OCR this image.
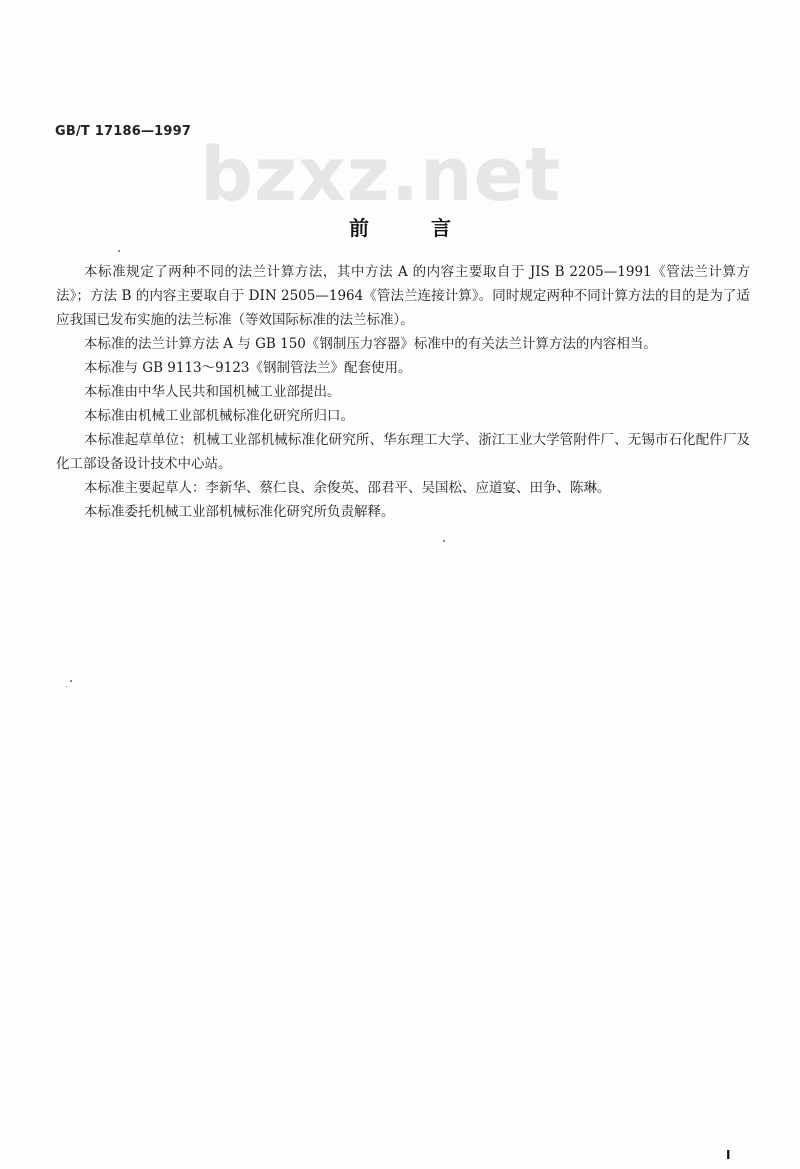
GB/T 17186—1997
bzxz.net
前言

本标准规定了两种不同的法兰计算方法，其中方法 A 的内容主要取自于 JIS B 2205—1991《管法兰计算方法》；方法 B 的内容主要取自于 DIN 2505—1964《管法兰连接计算》。同时规定两种不同计算方法的目的是为了适应我国已发布实施的法兰标准（等效国际标准的法兰标准）。

本标准的法兰计算方法 A 与 GB 150《钢制压力容器》标准中的有关法兰计算方法的内容相当。

本标准与 GB 9113～9123《钢制管法兰》配套使用。

本标准由中华人民共和国机械工业部提出。

本标准由机械工业部机械标准化研究所归口。

本标准起草单位：机械工业部机械标准化研究所、华东理工大学、浙江工业大学管附件厂、无锡市石化配件厂及化工部设备设计技术中心站。

本标准主要起草人：李新华、蔡仁良、余俊英、邵君平、吴国松、应道宴、田争、陈琳。

本标准委托机械工业部机械标准化研究所负责解释。

I
